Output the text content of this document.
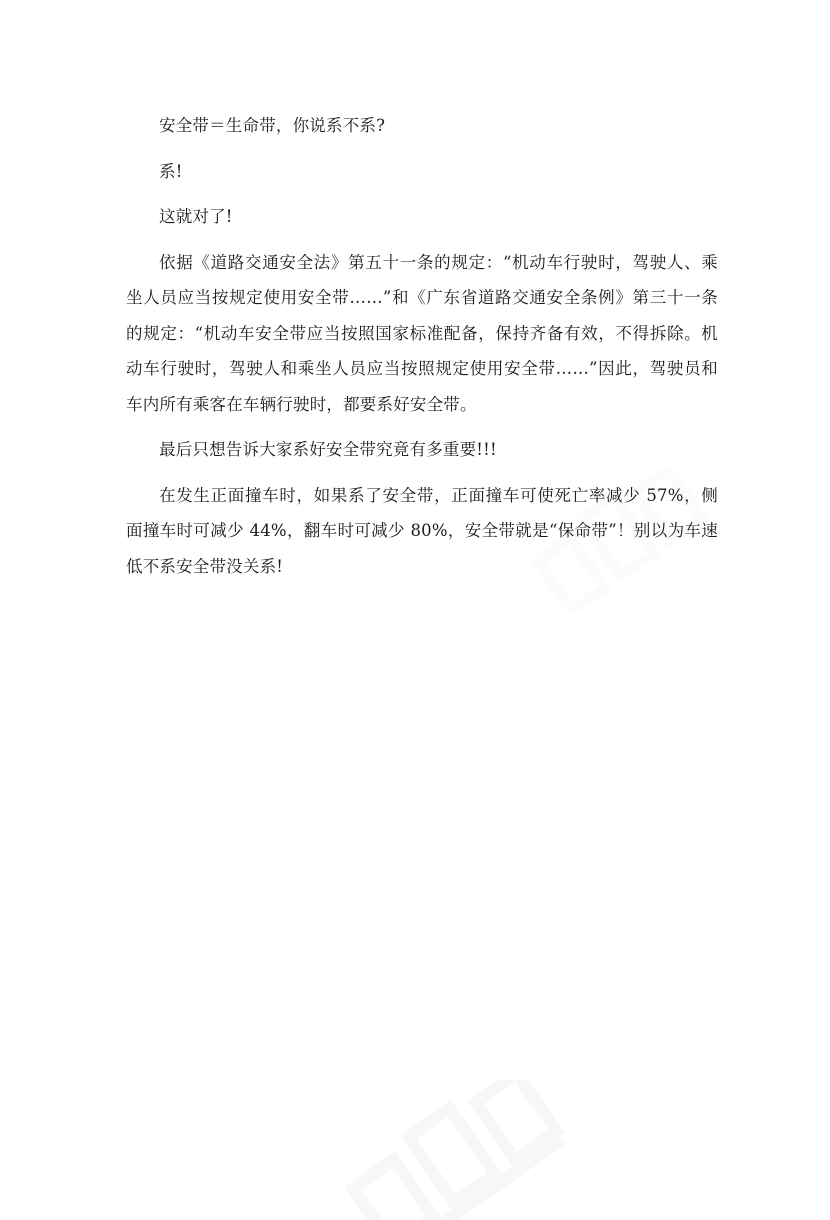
安全带＝生命带，你说系不系?

系!

这就对了!

依据《道路交通安全法》第五十一条的规定：“机动车行驶时，驾驶人、乘坐人员应当按规定使用安全带……”和《广东省道路交通安全条例》第三十一条的规定：“机动车安全带应当按照国家标准配备，保持齐备有效，不得拆除。机动车行驶时，驾驶人和乘坐人员应当按照规定使用安全带……”因此，驾驶员和车内所有乘客在车辆行驶时，都要系好安全带。

最后只想告诉大家系好安全带究竟有多重要!!!

在发生正面撞车时，如果系了安全带，正面撞车可使死亡率减少 57%，侧面撞车时可减少 44%，翻车时可减少 80%，安全带就是“保命带”！别以为车速低不系安全带没关系!
